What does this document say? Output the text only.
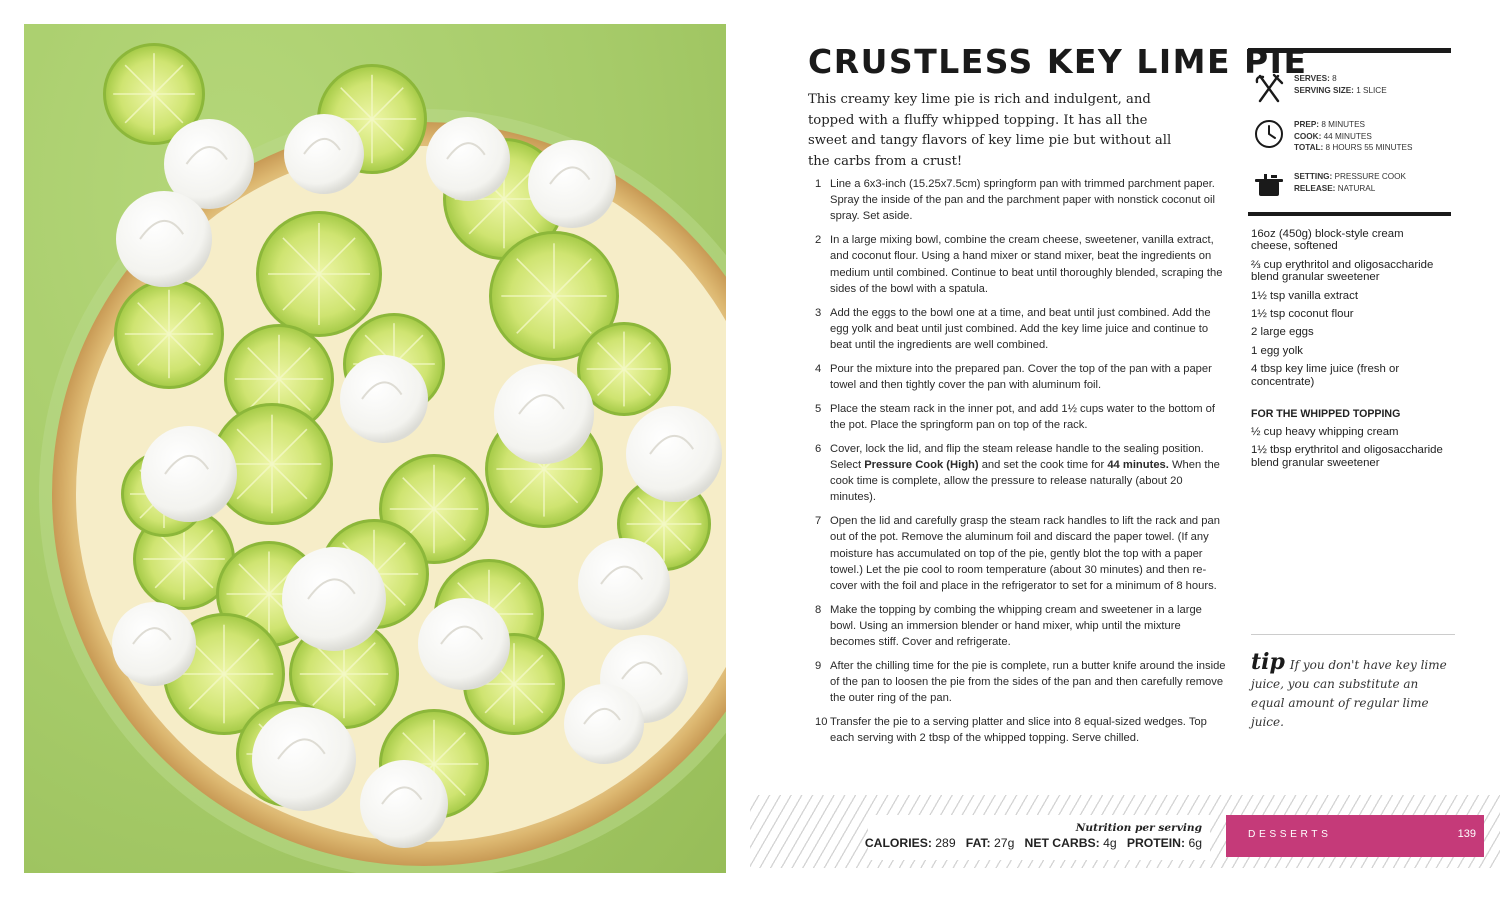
CRUSTLESS KEY LIME PIE

This creamy key lime pie is rich and indulgent, and topped with a fluffy whipped topping. It has all the sweet and tangy flavors of key lime pie but without all the carbs from a crust!

1 Line a 6x3-inch (15.25x7.5cm) springform pan with trimmed parchment paper. Spray the inside of the pan and the parchment paper with nonstick coconut oil spray. Set aside.
2 In a large mixing bowl, combine the cream cheese, sweetener, vanilla extract, and coconut flour. Using a hand mixer or stand mixer, beat the ingredients on medium until combined. Continue to beat until thoroughly blended, scraping the sides of the bowl with a spatula.
3 Add the eggs to the bowl one at a time, and beat until just combined. Add the egg yolk and beat until just combined. Add the key lime juice and continue to beat until the ingredients are well combined.
4 Pour the mixture into the prepared pan. Cover the top of the pan with a paper towel and then tightly cover the pan with aluminum foil.
5 Place the steam rack in the inner pot, and add 1½ cups water to the bottom of the pot. Place the springform pan on top of the rack.
6 Cover, lock the lid, and flip the steam release handle to the sealing position. Select Pressure Cook (High) and set the cook time for 44 minutes. When the cook time is complete, allow the pressure to release naturally (about 20 minutes).
7 Open the lid and carefully grasp the steam rack handles to lift the rack and pan out of the pot. Remove the aluminum foil and discard the paper towel. (If any moisture has accumulated on top of the pie, gently blot the top with a paper towel.) Let the pie cool to room temperature (about 30 minutes) and then re-cover with the foil and place in the refrigerator to set for a minimum of 8 hours.
8 Make the topping by combing the whipping cream and sweetener in a large bowl. Using an immersion blender or hand mixer, whip until the mixture becomes stiff. Cover and refrigerate.
9 After the chilling time for the pie is complete, run a butter knife around the inside of the pan to loosen the pie from the sides of the pan and then carefully remove the outer ring of the pan.
10 Transfer the pie to a serving platter and slice into 8 equal-sized wedges. Top each serving with 2 tbsp of the whipped topping. Serve chilled.
SERVES: 8
SERVING SIZE: 1 SLICE
PREP: 8 MINUTES
COOK: 44 MINUTES
TOTAL: 8 HOURS 55 MINUTES
SETTING: PRESSURE COOK
RELEASE: NATURAL
16oz (450g) block-style cream cheese, softened
⅔ cup erythritol and oligosaccharide blend granular sweetener
1½ tsp vanilla extract
1½ tsp coconut flour
2 large eggs
1 egg yolk
4 tbsp key lime juice (fresh or concentrate)
FOR THE WHIPPED TOPPING
½ cup heavy whipping cream
1½ tbsp erythritol and oligosaccharide blend granular sweetener

tip If you don't have key lime juice, you can substitute an equal amount of regular lime juice.

Nutrition per serving
CALORIES: 289 FAT: 27g NET CARBS: 4g PROTEIN: 6g
DESSERTS	139
